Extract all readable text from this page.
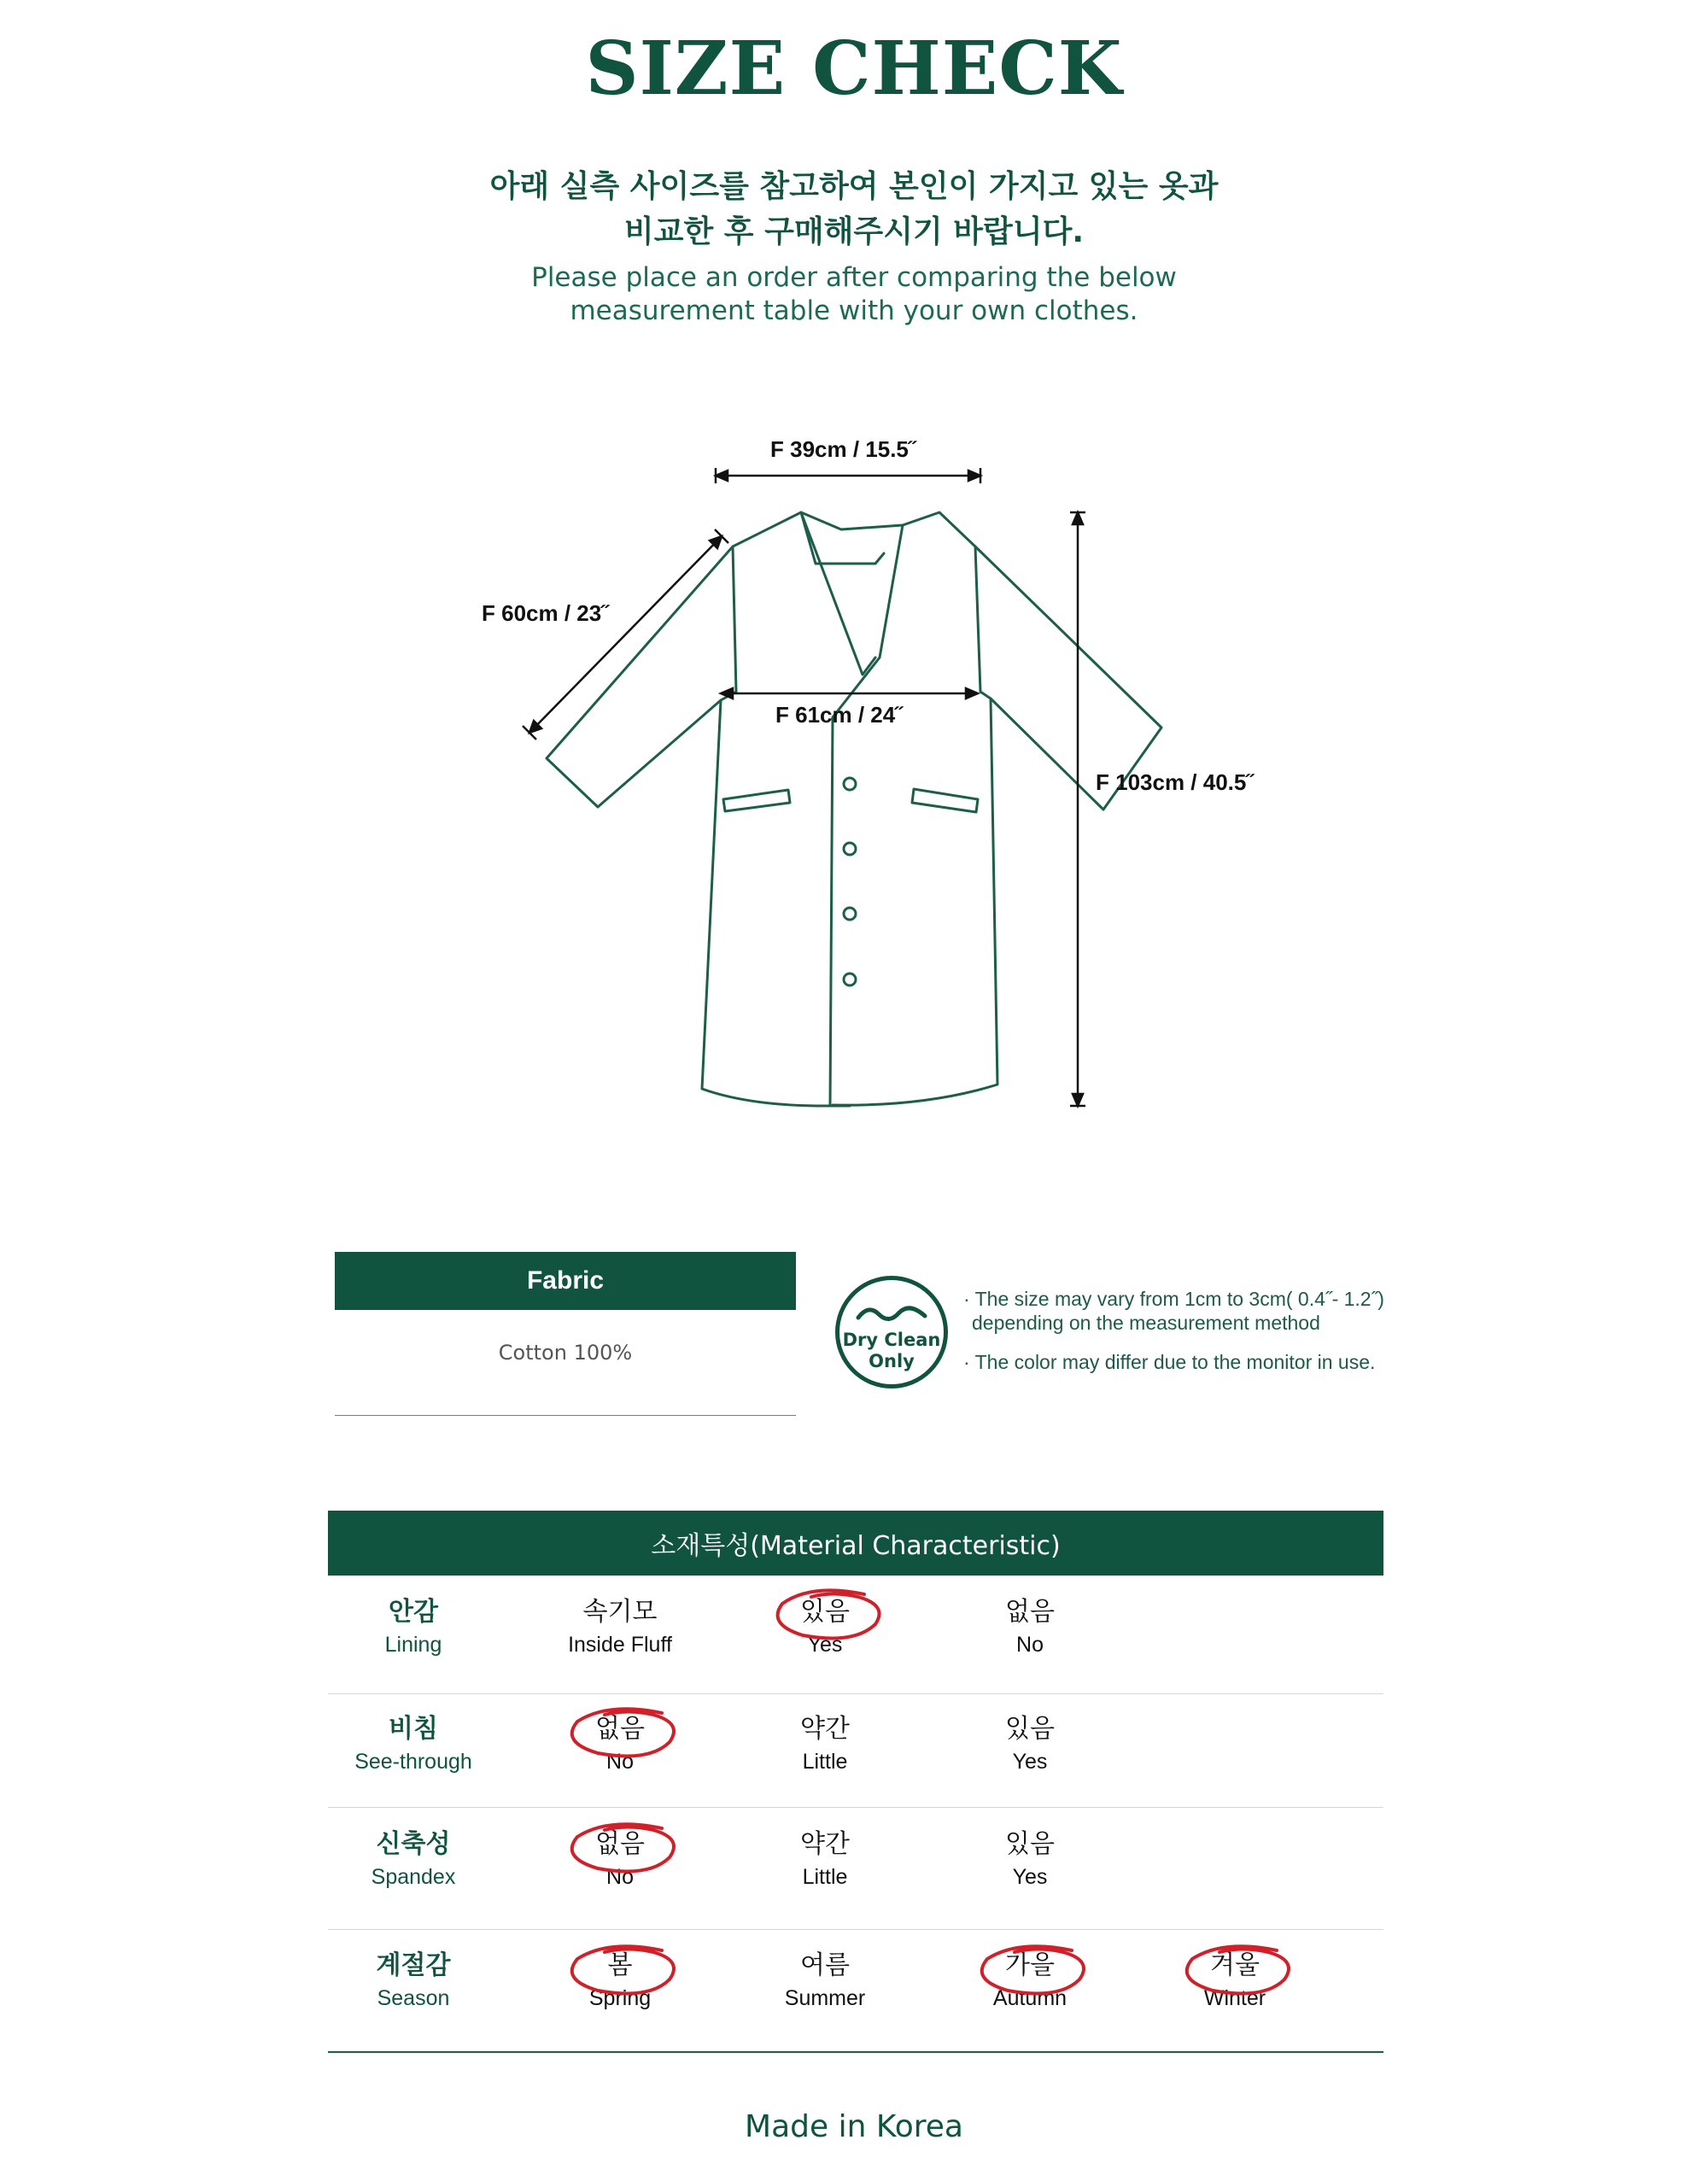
SIZE CHECK
아래 실측 사이즈를 참고하여 본인이 가지고 있는 옷과
비교한 후 구매해주시기 바랍니다.
Please place an order after comparing the below
measurement table with your own clothes.
F 39cm / 15.5˝
F 60cm / 23˝
F 61cm / 24˝
F 103cm / 40.5˝
Fabric
Cotton 100%
Dry Clean
Only
· The size may vary from 1cm to 3cm( 0.4˝- 1.2˝)
depending on the measurement method
· The color may differ due to the monitor in use.
소재특성(Material Characteristic)
안감
Lining
속기모
Inside Fluff
있음
Yes
없음
No
비침
See-through
없음
No
약간
Little
있음
Yes
신축성
Spandex
없음
No
약간
Little
있음
Yes
계절감
Season
봄
Spring
여름
Summer
가을
Autumn
겨울
Winter
Made in Korea
